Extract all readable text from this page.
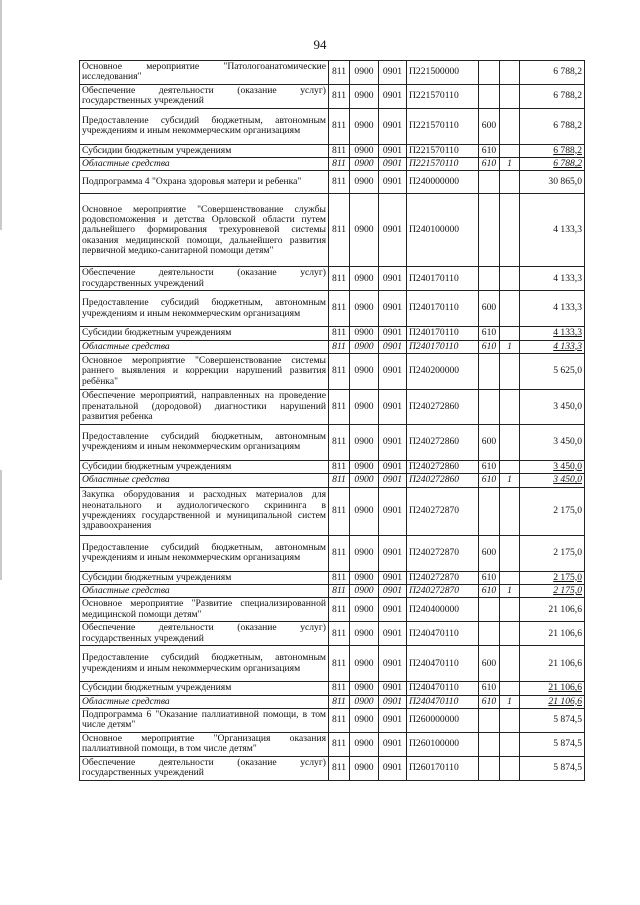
94
Основное мероприятие "Патологоанатомические исследования"	811	0900	0901	П221500000			6 788,2
Обеспечение деятельности (оказание услуг) государственных учреждений	811	0900	0901	П221570110			6 788,2
Предоставление субсидий бюджетным, автономным учреждениям и иным некоммерческим организациям	811	0900	0901	П221570110	600		6 788,2
Субсидии бюджетным учреждениям	811	0900	0901	П221570110	610		6 788,2
Областные средства	811	0900	0901	П221570110	610	1	6 788,2
Подпрограмма 4 "Охрана здоровья матери и ребенка"	811	0900	0901	П240000000			30 865,0
Основное мероприятие "Совершенствование службы родовспоможения и детства Орловской области путем дальнейшего формирования трехуровневой системы оказания медицинской помощи, дальнейшего развития первичной медико-санитарной помощи детям"	811	0900	0901	П240100000			4 133,3
Обеспечение деятельности (оказание услуг) государственных учреждений	811	0900	0901	П240170110			4 133,3
Предоставление субсидий бюджетным, автономным учреждениям и иным некоммерческим организациям	811	0900	0901	П240170110	600		4 133,3
Субсидии бюджетным учреждениям	811	0900	0901	П240170110	610		4 133,3
Областные средства	811	0900	0901	П240170110	610	1	4 133,3
Основное мероприятие "Совершенствование системы раннего выявления и коррекции нарушений развития ребёнка"	811	0900	0901	П240200000			5 625,0
Обеспечение мероприятий, направленных на проведение пренатальной (дородовой) диагностики нарушений развития ребенка	811	0900	0901	П240272860			3 450,0
Предоставление субсидий бюджетным, автономным учреждениям и иным некоммерческим организациям	811	0900	0901	П240272860	600		3 450,0
Субсидии бюджетным учреждениям	811	0900	0901	П240272860	610		3 450,0
Областные средства	811	0900	0901	П240272860	610	1	3 450,0
Закупка оборудования и расходных материалов для неонатального и аудиологического скрининга в учреждениях государственной и муниципальной систем здравоохранения	811	0900	0901	П240272870			2 175,0
Предоставление субсидий бюджетным, автономным учреждениям и иным некоммерческим организациям	811	0900	0901	П240272870	600		2 175,0
Субсидии бюджетным учреждениям	811	0900	0901	П240272870	610		2 175,0
Областные средства	811	0900	0901	П240272870	610	1	2 175,0
Основное мероприятие "Развитие специализированной медицинской помощи детям"	811	0900	0901	П240400000			21 106,6
Обеспечение деятельности (оказание услуг) государственных учреждений	811	0900	0901	П240470110			21 106,6
Предоставление субсидий бюджетным, автономным учреждениям и иным некоммерческим организациям	811	0900	0901	П240470110	600		21 106,6
Субсидии бюджетным учреждениям	811	0900	0901	П240470110	610		21 106,6
Областные средства	811	0900	0901	П240470110	610	1	21 106,6
Подпрограмма 6 "Оказание паллиативной помощи, в том числе детям"	811	0900	0901	П260000000			5 874,5
Основное мероприятие "Организация оказания паллиативной помощи, в том числе детям"	811	0900	0901	П260100000			5 874,5
Обеспечение деятельности (оказание услуг) государственных учреждений	811	0900	0901	П260170110			5 874,5
